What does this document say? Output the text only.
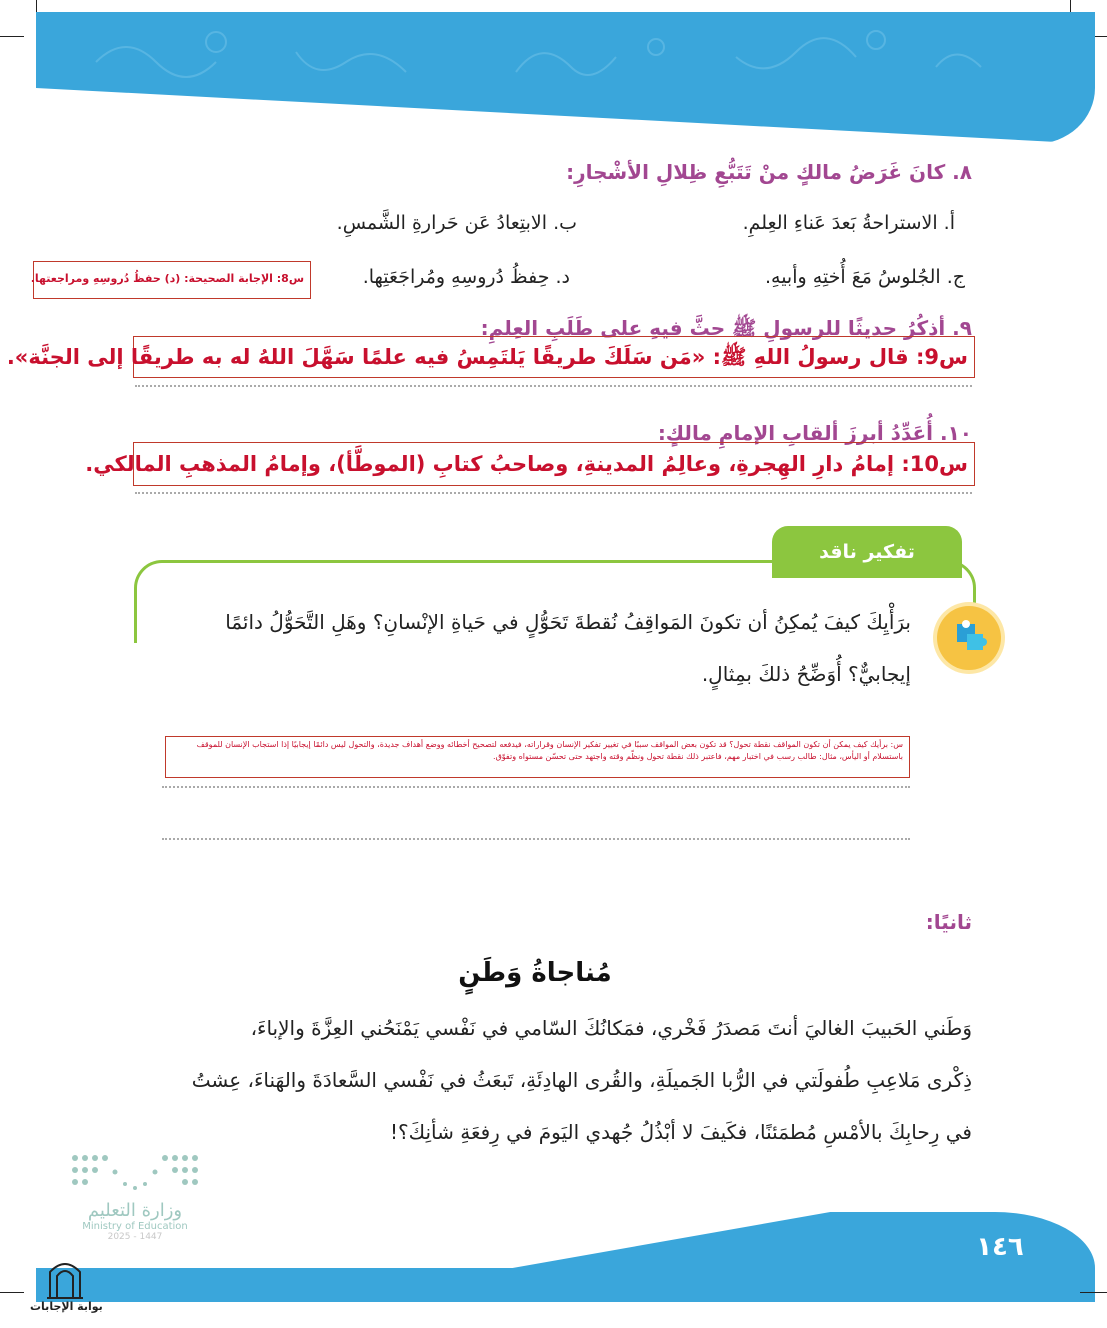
٨. كانَ غَرَضُ مالكٍ منْ تَتَبُّعِ ظِلالِ الأشْجارِ:
أ. الاستراحةُ بَعدَ عَناءِ العِلمِ.
ب. الابتِعادُ عَن حَرارةِ الشَّمسِ.
ج. الجُلوسُ مَعَ أُختِهِ وأبيهِ.
د. حِفظُ دُروسِهِ ومُراجَعَتِها.
س8: الإجابة الصحيحة: (د) حفظُ دُروسِهِ ومراجعتها.
٩. أذكُرُ حديثًا للرسولِ ﷺ حثَّ فيهِ على طَلَبِ العِلمِ:
س9: قال رسولُ اللهِ ﷺ: «مَن سَلَكَ طريقًا يَلتَمِسُ فيه علمًا سَهَّلَ اللهُ له به طريقًا إلى الجنَّة».
١٠. أُعَدِّدُ أبرزَ ألقابِ الإمامِ مالكٍ:
س10: إمامُ دارِ الهِجرةِ، وعالِمُ المدينةِ، وصاحبُ كتابِ (الموطَّأ)، وإمامُ المذهبِ المالكي.
تفكير ناقد
برَأْيِكَ كيفَ يُمكِنُ أن تكونَ المَواقِفُ نُقطةَ تَحَوُّلٍ في حَياةِ الإنْسانِ؟ وهَلِ التَّحَوُّلُ دائمًا
إيجابيٌّ؟ أُوَضِّحُ ذلكَ بمِثالٍ.
س: برأيك كيف يمكن أن تكون المواقف نقطة تحول؟ قد تكون بعض المواقف سببًا في تغيير تفكير الإنسان وقراراته، فيدفعه لتصحيح أخطائه ووضع أهداف جديدة، والتحول ليس دائمًا إيجابيًا إذا استجاب الإنسان للموقف باستسلام أو اليأس، مثال: طالب رسب في اختبار مهم، فاعتبر ذلك نقطة تحول ونظّم وقته واجتهد حتى تحسّن مستواه وتفوّق.
ثانيًا:
مُناجاةُ وَطَنٍ
وَطَني الحَبيبَ الغاليَ أنتَ مَصدَرُ فَخْري، فمَكانُكَ السّامي في نَفْسي يَمْنَحُني العِزَّةَ والإباءَ،
ذِكْرى مَلاعِبِ طُفولَتي في الرُّبا الجَميلَةِ، والقُرى الهادِئَةِ، تَبعَثُ في نَفْسي السَّعادَةَ والهَناءَ، عِشتُ
في رِحابِكَ بالأمْسِ مُطمَئنًا، فكَيفَ لا أبْذُلُ جُهدي اليَومَ في رِفعَةِ شأنِكَ؟!
وزارة التعليم
Ministry of Education
2025 - 1447	١٤٦
بوابة الإجابات
